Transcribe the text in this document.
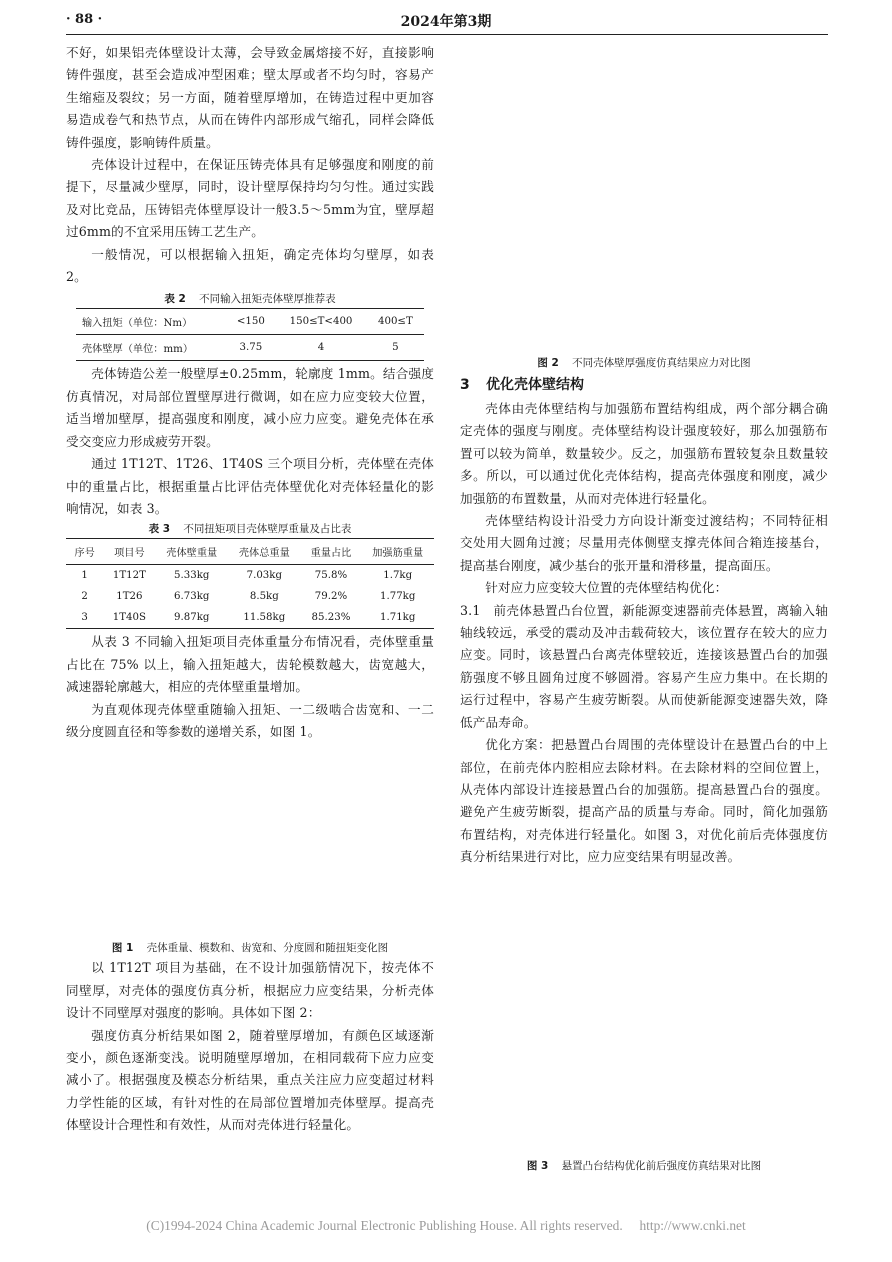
· 88 ·	2024年第3期

不好，如果铝壳体壁设计太薄，会导致金属熔接不好，直接影响铸件强度，甚至会造成冲型困难；壁太厚或者不均匀时，容易产生缩瘂及裂纹；另一方面，随着壁厚增加，在铸造过程中更加容易造成卷气和热节点，从而在铸件内部形成气缩孔，同样会降低铸件强度，影响铸件质量。

壳体设计过程中，在保证压铸壳体具有足够强度和刚度的前提下，尽量减少壁厚，同时，设计壁厚保持均匀匀性。通过实践及对比竞品，压铸铝壳体壁厚设计一般3.5～5mm为宜，壁厚超过6mm的不宜采用压铸工艺生产。

一般情况，可以根据输入扭矩，确定壳体均匀壁厚，如表 2。

表 2 不同输入扭矩壳体壁厚推荐表
输入扭矩（单位：Nm）	<150	150≤T<400	400≤T
壳体壁厚（单位：mm）	3.75	4	5

壳体铸造公差一般壁厚±0.25mm，轮廓度 1mm。结合强度仿真情况，对局部位置壁厚进行微调，如在应力应变较大位置，适当增加壁厚，提高强度和刚度，减小应力应变。避免壳体在承受交变应力形成疲劳开裂。

通过 1T12T、1T26、1T40S 三个项目分析，壳体壁在壳体中的重量占比，根据重量占比评估壳体壁优化对壳体轻量化的影响情况，如表 3。

表 3 不同扭矩项目壳体壁厚重量及占比表
序号	项目号	壳体壁重量	壳体总重量	重量占比	加强筋重量
1	1T12T	5.33kg	7.03kg	75.8%	1.7kg
2	1T26	6.73kg	8.5kg	79.2%	1.77kg
3	1T40S	9.87kg	11.58kg	85.23%	1.71kg

从表 3 不同输入扭矩项目壳体重量分布情况看，壳体壁重量占比在 75% 以上，输入扭矩越大，齿轮模数越大，齿宽越大，减速器轮廓越大，相应的壳体壁重量增加。

为直观体现壳体壁重随输入扭矩、一二级啮合齿宽和、一二级分度圆直径和等参数的递增关系，如图 1。

图 1 壳体重量、模数和、齿宽和、分度圆和随扭矩变化图

以 1T12T 项目为基础，在不设计加强筋情况下，按壳体不同壁厚，对壳体的强度仿真分析，根据应力应变结果，分析壳体设计不同壁厚对强度的影响。具体如下图 2：

强度仿真分析结果如图 2，随着壁厚增加，有颜色区域逐渐变小，颜色逐渐变浅。说明随壁厚增加，在相同载荷下应力应变减小了。根据强度及模态分析结果，重点关注应力应变超过材料力学性能的区域，有针对性的在局部位置增加壳体壁厚。提高壳体壁设计合理性和有效性，从而对壳体进行轻量化。

图 2 不同壳体壁厚强度仿真结果应力对比图

3 优化壳体壁结构

壳体由壳体壁结构与加强筋布置结构组成，两个部分耦合确定壳体的强度与刚度。壳体壁结构设计强度较好，那么加强筋布置可以较为简单，数量较少。反之，加强筋布置较复杂且数量较多。所以，可以通过优化壳体结构，提高壳体强度和刚度，减少加强筋的布置数量，从而对壳体进行轻量化。

壳体壁结构设计沿受力方向设计渐变过渡结构；不同特征相交处用大圆角过渡；尽量用壳体侧壁支撑壳体间合箱连接基台，提高基台刚度，减少基台的张开量和滑移量，提高面压。

针对应力应变较大位置的壳体壁结构优化：

3.1　前壳体悬置凸台位置，新能源变速器前壳体悬置，离输入轴轴线较远，承受的震动及冲击载荷较大，该位置存在较大的应力应变。同时，该悬置凸台离壳体壁较近，连接该悬置凸台的加强筋强度不够且圆角过度不够圆滑。容易产生应力集中。在长期的运行过程中，容易产生疲劳断裂。从而使新能源变速器失效，降低产品寿命。

优化方案：把悬置凸台周围的壳体壁设计在悬置凸台的中上部位，在前壳体内腔相应去除材料。在去除材料的空间位置上，从壳体内部设计连接悬置凸台的加强筋。提高悬置凸台的强度。避免产生疲劳断裂，提高产品的质量与寿命。同时，简化加强筋布置结构，对壳体进行轻量化。如图 3，对优化前后壳体强度仿真分析结果进行对比，应力应变结果有明显改善。

图 3 悬置凸台结构优化前后强度仿真结果对比图
(C)1994-2024 China Academic Journal Electronic Publishing House. All rights reserved. http://www.cnki.net
